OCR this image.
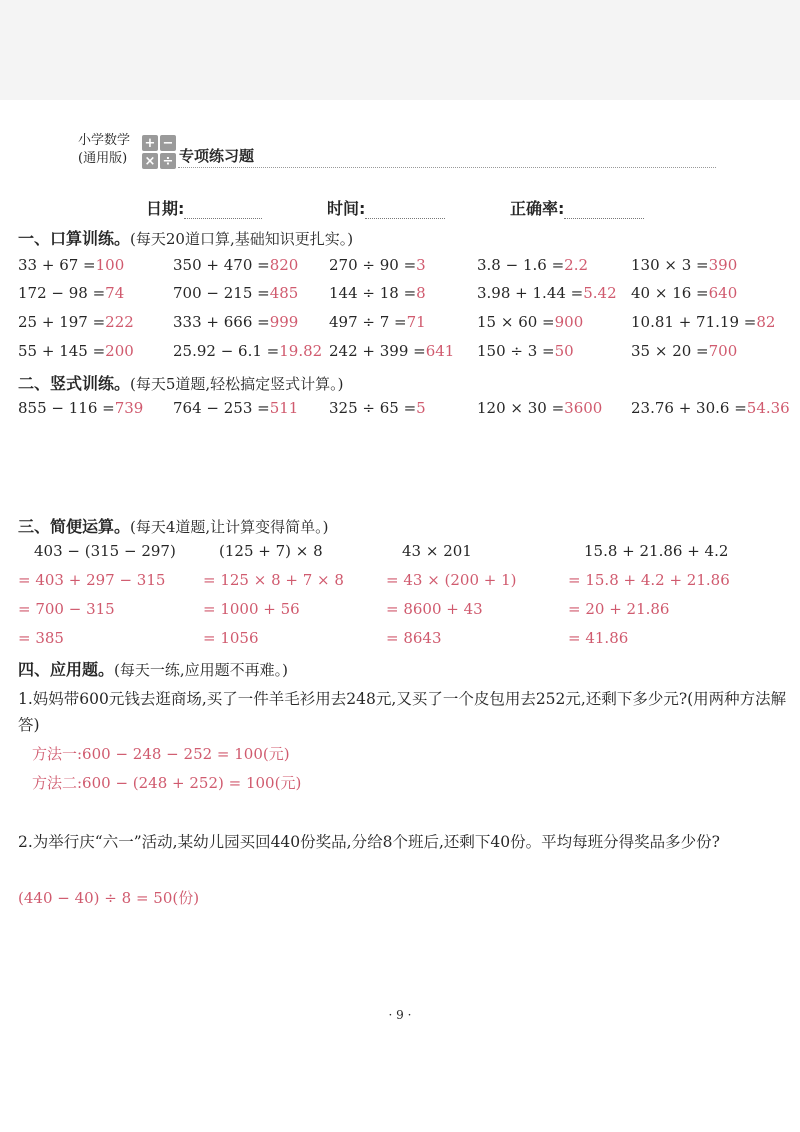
小学数学
(通用版)
+ −
× ÷ 专项练习题
日期:	时间:	正确率:
一、口算训练。(每天20道口算,基础知识更扎实。)
33 + 67 =100	350 + 470 =820 270 ÷ 90 =3	3.8 − 1.6 =2.2	130 × 3 =390
172 − 98 =74	700 − 215 =485 144 ÷ 18 =8	3.98 + 1.44 =5.42 40 × 16 =640
25 + 197 =222	333 + 666 =999 497 ÷ 7 =71	15 × 60 =900	10.81 + 71.19 =82
55 + 145 =200	25.92 − 6.1 =19.82 242 + 399 =641 150 ÷ 3 =50	35 × 20 =700
二、竖式训练。(每天5道题,轻松搞定竖式计算。)
855 − 116 =739 764 − 253 =511 325 ÷ 65 =5	120 × 30 =3600 23.76 + 30.6 =54.36
三、简便运算。(每天4道题,让计算变得简单。)
403 − (315 − 297)
= 403 + 297 − 315
= 700 − 315
= 385
(125 + 7) × 8
= 125 × 8 + 7 × 8
= 1000 + 56
= 1056
43 × 201
= 43 × (200 + 1)
= 8600 + 43
= 8643
15.8 + 21.86 + 4.2
= 15.8 + 4.2 + 21.86
= 20 + 21.86
= 41.86
四、应用题。(每天一练,应用题不再难。)
1.妈妈带600元钱去逛商场,买了一件羊毛衫用去248元,又买了一个皮包用去252元,还剩下多少元?(用两种方法解答)
方法一:600 − 248 − 252 = 100(元)
方法二:600 − (248 + 252) = 100(元)
2.为举行庆“六一”活动,某幼儿园买回440份奖品,分给8个班后,还剩下40份。平均每班分得奖品多少份?
(440 − 40) ÷ 8 = 50(份)
· 9 ·
